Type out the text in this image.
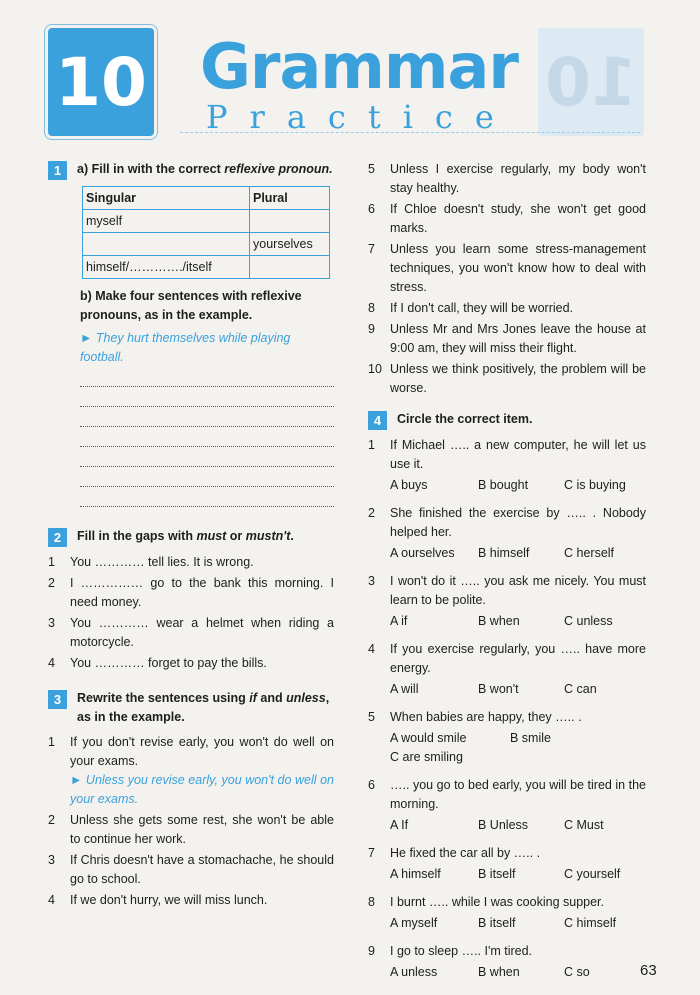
10
10 Grammar
Practice
1	a) Fill in with the correct reflexive pronoun.
Singular	Plural
myself	
	yourselves
himself/…………./itself	
b) Make four sentences with reflexive pronouns, as in the example.
► They hurt themselves while playing football.
2	Fill in the gaps with must or mustn't.
1	You ………… tell lies. It is wrong.
2	I …………… go to the bank this morning. I need money.
3	You ………… wear a helmet when riding a motorcycle.
4	You ………… forget to pay the bills.
3	Rewrite the sentences using if and unless, as in the example.
1	If you don't revise early, you won't do well on your exams.
► Unless you revise early, you won't do well on your exams.
2	Unless she gets some rest, she won't be able to continue her work.
3	If Chris doesn't have a stomachache, he should go to school.
4	If we don't hurry, we will miss lunch.
5	Unless I exercise regularly, my body won't stay healthy.
6	If Chloe doesn't study, she won't get good marks.
7	Unless you learn some stress-management techniques, you won't know how to deal with stress.
8	If I don't call, they will be worried.
9	Unless Mr and Mrs Jones leave the house at 9:00 am, they will miss their flight.
10 Unless we think positively, the problem will be worse.
4	Circle the correct item.
1	If Michael ….. a new computer, he will let us use it.
A buys	B bought	C is buying
2	She finished the exercise by ….. . Nobody helped her.
A ourselves	B himself	C herself
3	I won't do it ….. you ask me nicely. You must learn to be polite.
A if	B when	C unless
4	If you exercise regularly, you ….. have more energy.
A will	B won't	C can
5	When babies are happy, they ….. .
A would smile	B smile
C are smiling
6	….. you go to bed early, you will be tired in the morning.
A If	B Unless	C Must
7	He fixed the car all by ….. .
A himself	B itself	C yourself
8	I burnt ….. while I was cooking supper.
A myself	B itself	C himself
9	I go to sleep ….. I'm tired.
A unless	B when	C so	63
